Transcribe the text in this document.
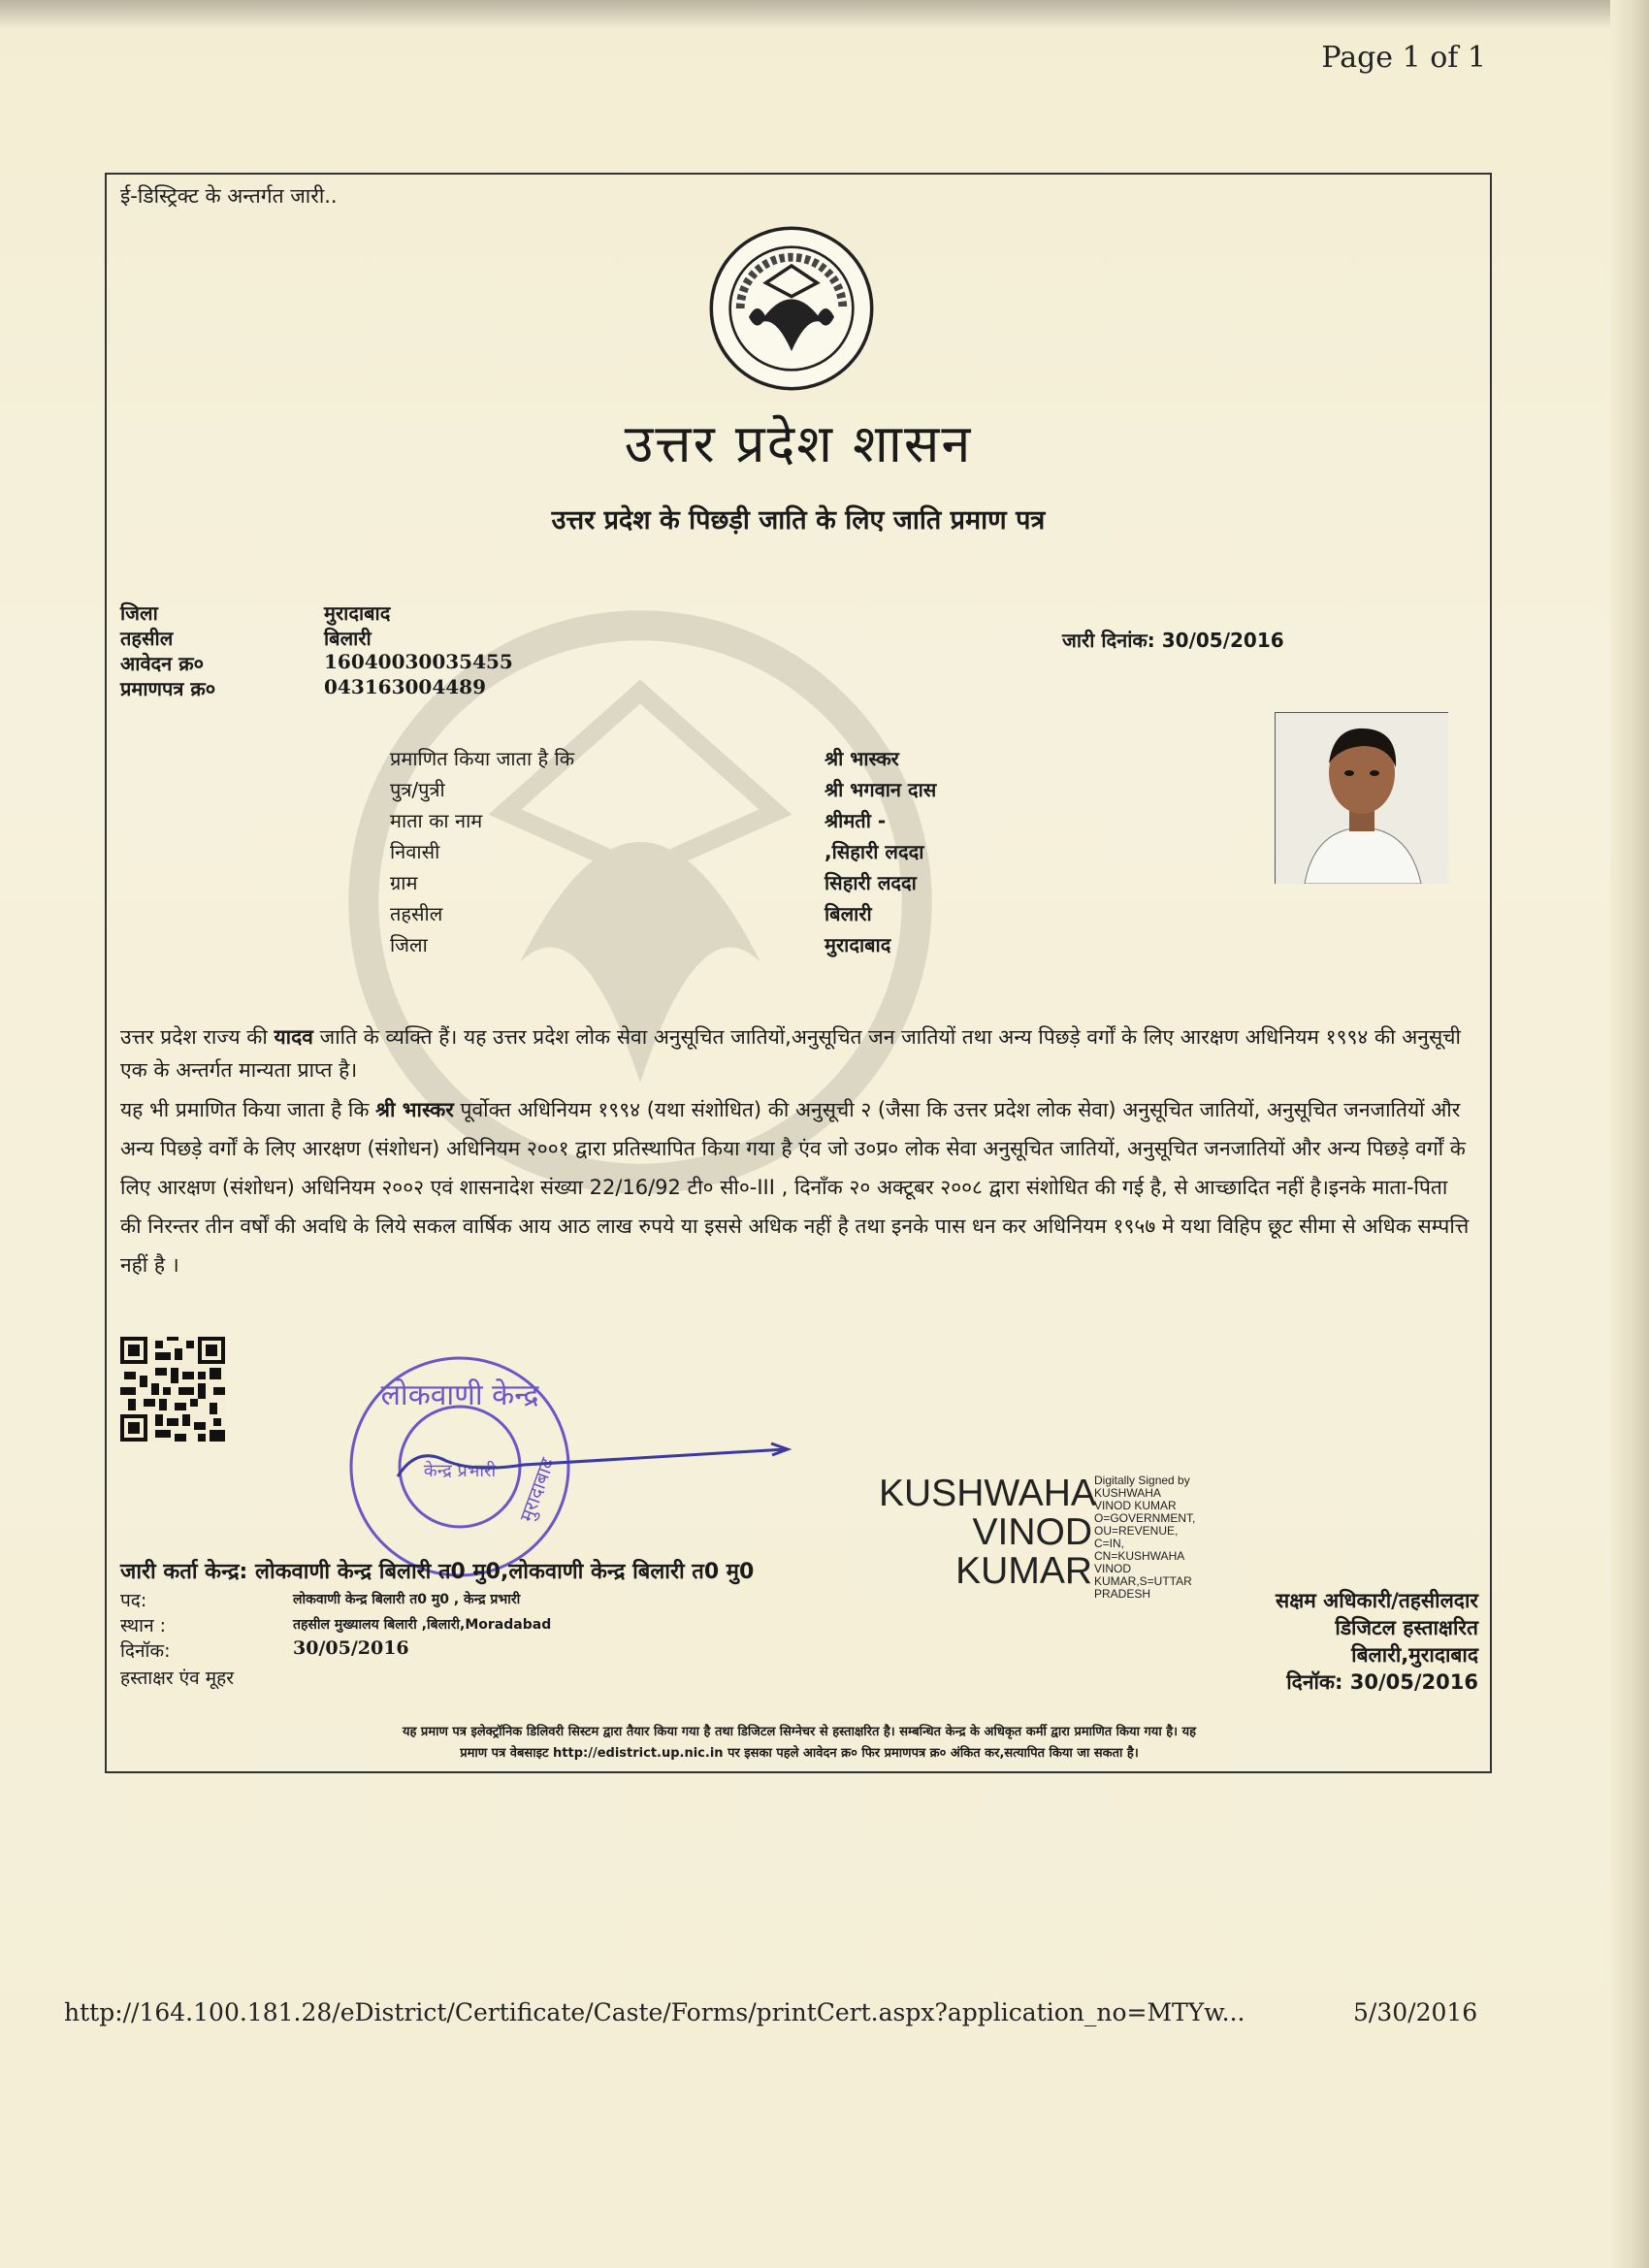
Page 1 of 1
ई-डिस्ट्रिक्ट के अन्तर्गत जारी..
उत्तर प्रदेश शासन
उत्तर प्रदेश के पिछड़ी जाति के लिए जाति प्रमाण पत्र
जिला	मुरादाबाद
तहसील	बिलारी
आवेदन क्र०	16040030035455
प्रमाणपत्र क्र०	043163004489
जारी दिनांक: 30/05/2016
प्रमाणित किया जाता है कि	श्री भास्कर
पुत्र/पुत्री	श्री भगवान दास
माता का नाम	श्रीमती -
निवासी	,सिहारी लददा
ग्राम	सिहारी लददा
तहसील	बिलारी
जिला	मुरादाबाद
उत्तर प्रदेश राज्य की यादव जाति के व्यक्ति हैं। यह उत्तर प्रदेश लोक सेवा अनुसूचित जातियों,अनुसूचित जन जातियों तथा अन्य पिछड़े वर्गों के लिए आरक्षण अधिनियम १९९४ की अनुसूची एक के अन्तर्गत मान्यता प्राप्त है।
यह भी प्रमाणित किया जाता है कि श्री भास्कर पूर्वोक्त अधिनियम १९९४ (यथा संशोधित) की अनुसूची २ (जैसा कि उत्तर प्रदेश लोक सेवा) अनुसूचित जातियों, अनुसूचित जनजातियों और अन्य पिछड़े वर्गों के लिए आरक्षण (संशोधन) अधिनियम २००१ द्वारा प्रतिस्थापित किया गया है एंव जो उ०प्र० लोक सेवा अनुसूचित जातियों, अनुसूचित जनजातियों और अन्य पिछड़े वर्गों के लिए आरक्षण (संशोधन) अधिनियम २००२ एवं शासनादेश संख्या 22/16/92 टी० सी०-III , दिनाँक २० अक्टूबर २००८ द्वारा संशोधित की गई है, से आच्छादित नहीं है।इनके माता-पिता की निरन्तर तीन वर्षों की अवधि के लिये सकल वार्षिक आय आठ लाख रुपये या इससे अधिक नहीं है तथा इनके पास धन कर अधिनियम १९५७ मे यथा विहिप छूट सीमा से अधिक सम्पत्ति नहीं है ।
लोकवाणी केन्द्र
केन्द्र प्रभारी मुरादाबाद
जारी कर्ता केन्द्र: लोकवाणी केन्द्र बिलारी त0 मु0,लोकवाणी केन्द्र बिलारी त0 मु0
पद:	लोकवाणी केन्द्र बिलारी त0 मु0 , केन्द्र प्रभारी
स्थान :	तहसील मुख्यालय बिलारी ,बिलारी,Moradabad
दिनॉक:	30/05/2016
हस्ताक्षर एंव मूहर
KUSHWAHA
VINOD
KUMAR
Digitally Signed by
KUSHWAHA
VINOD KUMAR
O=GOVERNMENT,
OU=REVENUE,
C=IN,
CN=KUSHWAHA
VINOD
KUMAR,S=UTTAR
PRADESH	सक्षम अधिकारी/तहसीलदार
डिजिटल हस्ताक्षरित
बिलारी,मुरादाबाद
दिनॉक: 30/05/2016
यह प्रमाण पत्र इलेक्ट्रॉनिक डिलिवरी सिस्टम द्वारा तैयार किया गया है तथा डिजिटल सिग्नेचर से हस्ताक्षरित है। सम्बन्धित केन्द्र के अधिकृत कर्मी द्वारा प्रमाणित किया गया है। यह
प्रमाण पत्र वेबसाइट http://edistrict.up.nic.in पर इसका पहले आवेदन क्र० फिर प्रमाणपत्र क्र० अंकित कर,सत्यापित किया जा सकता है।
http://164.100.181.28/eDistrict/Certificate/Caste/Forms/printCert.aspx?application_no=MTYw...	5/30/2016
